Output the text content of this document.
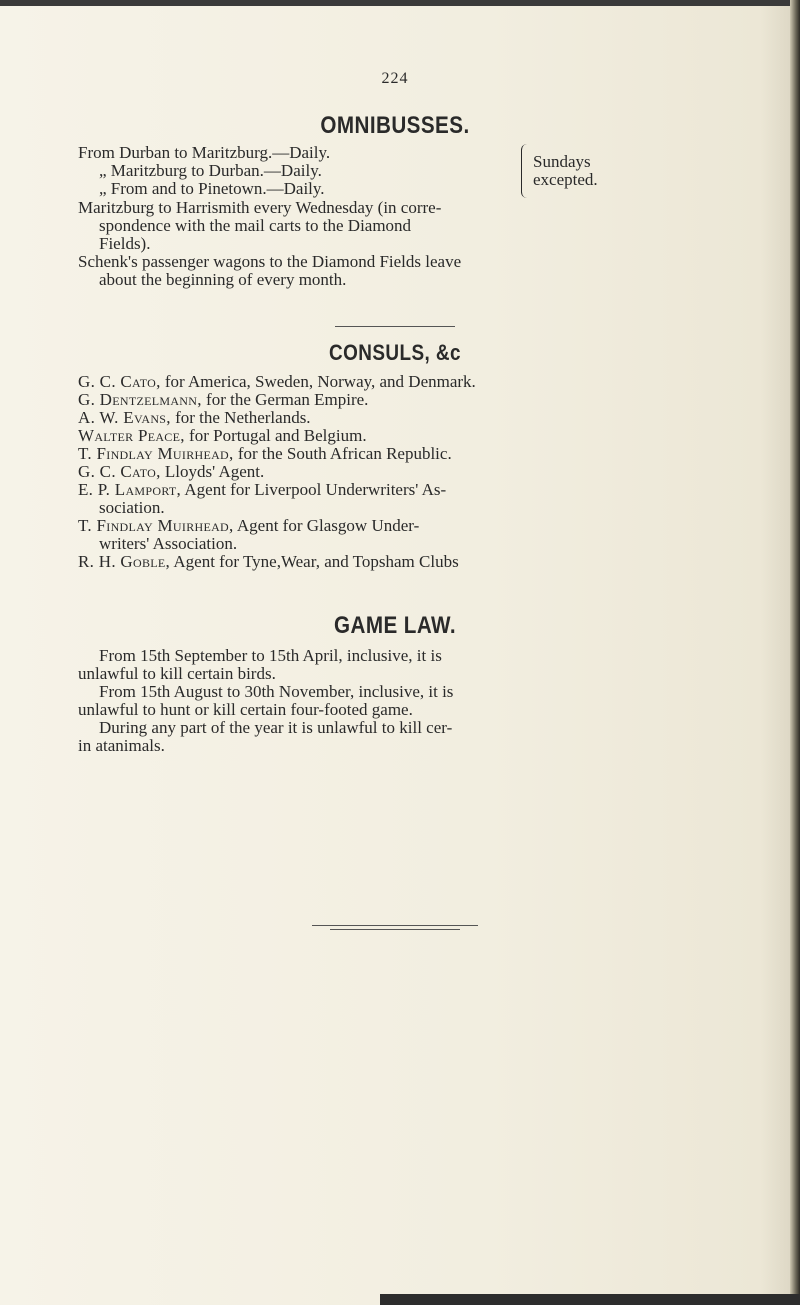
224
OMNIBUSSES.
From Durban to Maritzburg.—Daily.
„ Maritzburg to Durban.—Daily.
„ From and to Pinetown.—Daily.
Sundays
excepted.
Maritzburg to Harrismith every Wednesday (in corre-
spondence with the mail carts to the Diamond
Fields).
Schenk's passenger wagons to the Diamond Fields leave
about the beginning of every month.
CONSULS, &c
G. C. Cato, for America, Sweden, Norway, and Denmark.
G. Dentzelmann, for the German Empire.
A. W. Evans, for the Netherlands.
Walter Peace, for Portugal and Belgium.
T. Findlay Muirhead, for the South African Republic.
G. C. Cato, Lloyds' Agent.
E. P. Lamport, Agent for Liverpool Underwriters' As-
sociation.
T. Findlay Muirhead, Agent for Glasgow Under-
writers' Association.
R. H. Goble, Agent for Tyne,Wear, and Topsham Clubs
GAME LAW.
From 15th September to 15th April, inclusive, it is
unlawful to kill certain birds.
From 15th August to 30th November, inclusive, it is
unlawful to hunt or kill certain four-footed game.
During any part of the year it is unlawful to kill cer-
in atanimals.
